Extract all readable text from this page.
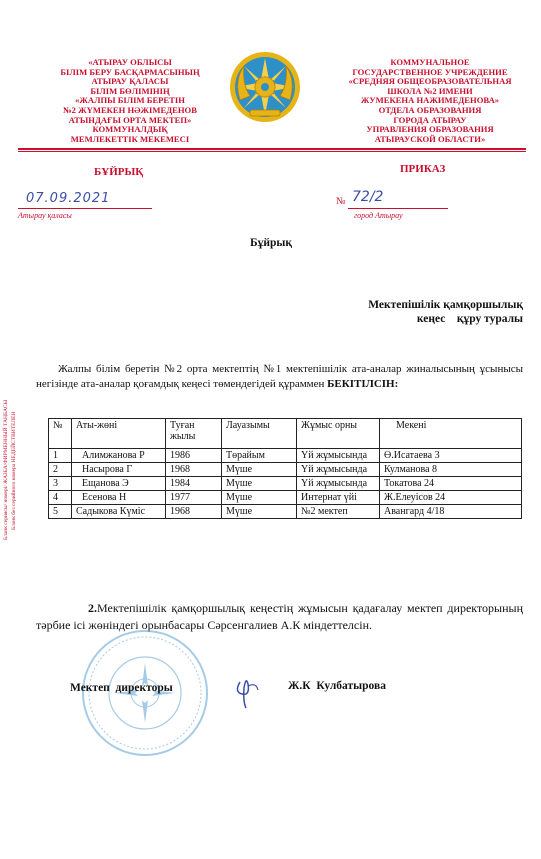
«АТЫРАУ ОБЛЫСЫ
БІЛІМ БЕРУ БАСҚАРМАСЫНЫҢ
АТЫРАУ ҚАЛАСЫ
БІЛІМ БӨЛІМІНІҢ
«ЖАЛПЫ БІЛІМ БЕРЕТІН
№2 ЖҮМЕКЕН НӘЖІМЕДЕНОВ
АТЫНДАҒЫ ОРТА МЕКТЕП»
КОММУНАЛДЫҚ
МЕМЛЕКЕТТІК МЕКЕМЕСІ
КОММУНАЛЬНОЕ
ГОСУДАРСТВЕННОЕ УЧРЕЖДЕНИЕ
«СРЕДНЯЯ ОБЩЕОБРАЗОВАТЕЛЬНАЯ
ШКОЛА №2 ИМЕНИ
ЖУМЕКЕНА НАЖИМЕДЕНОВА»
ОТДЕЛА ОБРАЗОВАНИЯ
ГОРОДА АТЫРАУ
УПРАВЛЕНИЯ ОБРАЗОВАНИЯ
АТЫРАУСКОЙ ОБЛАСТИ»
БҰЙРЫҚ	ПРИКАЗ
07.09.2021
Атырау қаласы
№ 72/2
город Атырау
Бұйрық
Мектепішілік қамқоршылық
кеңес    құру туралы
Жалпы білім беретін №2 орта мектептің №1 мектепішілік ата-аналар жиналысының ұсынысы негізінде ата-аналар қоғамдық кеңесі төмендегідей құраммен БЕКІТІЛСІН:
Бланк сериясы/ номері/ ЖАЗБА/ФИРМЕННЫЙ ТАҢБАСЫ Бланк без серийного номера НЕДЕЙСТВИТЕЛЕН	№	Аты-жөні	Туған жылы	Лауазымы	Жұмыс орны	Мекені
1	Алимжанова Р	1986	Төрайым	Үй жұмысында	Ө.Исатаева 3
2	Насырова Г	1968	Мүше	Үй жұмысында	Кулманова 8
3	Ещанова Э	1984	Мүше	Үй жұмысында	Токатова 24
4	Есенова Н	1977	Мүше	Интернат үйі	Ж.Елеуісов 24
5	Садыкова Күміс	1968	Мүше	№2 мектеп	Авангард 4/18
2.Мектепішілік қамқоршылық кеңестің жұмысын қадағалау мектеп директорының тәрбие ісі жөніндегі орынбасары Сәрсенгалиев А.К міндеттелсін.
Мектеп  директоры	Ж.К  Кулбатырова
